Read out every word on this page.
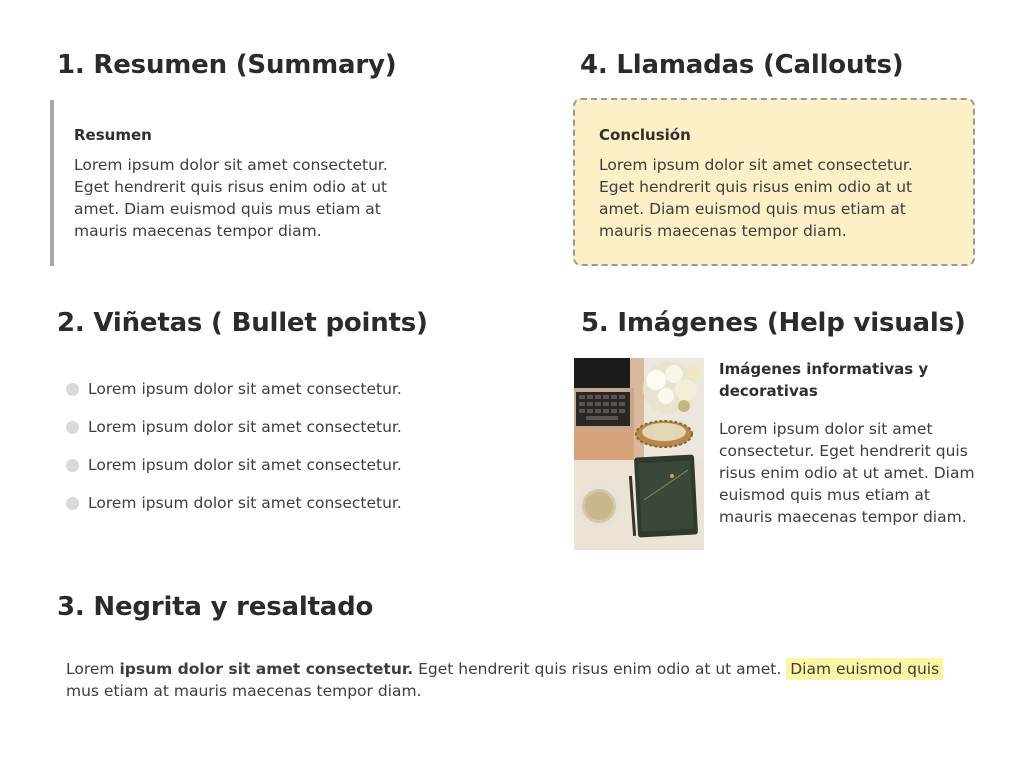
1. Resumen (Summary)
Resumen
Lorem ipsum dolor sit amet consectetur. Eget hendrerit quis risus enim odio at ut amet. Diam euismod quis mus etiam at mauris maecenas tempor diam.
4. Llamadas (Callouts)
Conclusión
Lorem ipsum dolor sit amet consectetur. Eget hendrerit quis risus enim odio at ut amet. Diam euismod quis mus etiam at mauris maecenas tempor diam.
2. Viñetas ( Bullet points)
Lorem ipsum dolor sit amet consectetur.
Lorem ipsum dolor sit amet consectetur.
Lorem ipsum dolor sit amet consectetur.
Lorem ipsum dolor sit amet consectetur.
5. Imágenes (Help visuals)
Imágenes informativas y decorativas
Lorem ipsum dolor sit amet consectetur. Eget hendrerit quis risus enim odio at ut amet. Diam euismod quis mus etiam at mauris maecenas tempor diam.
3. Negrita y resaltado
Lorem ipsum dolor sit amet consectetur. Eget hendrerit quis risus enim odio at ut amet. Diam euismod quis mus etiam at mauris maecenas tempor diam.
